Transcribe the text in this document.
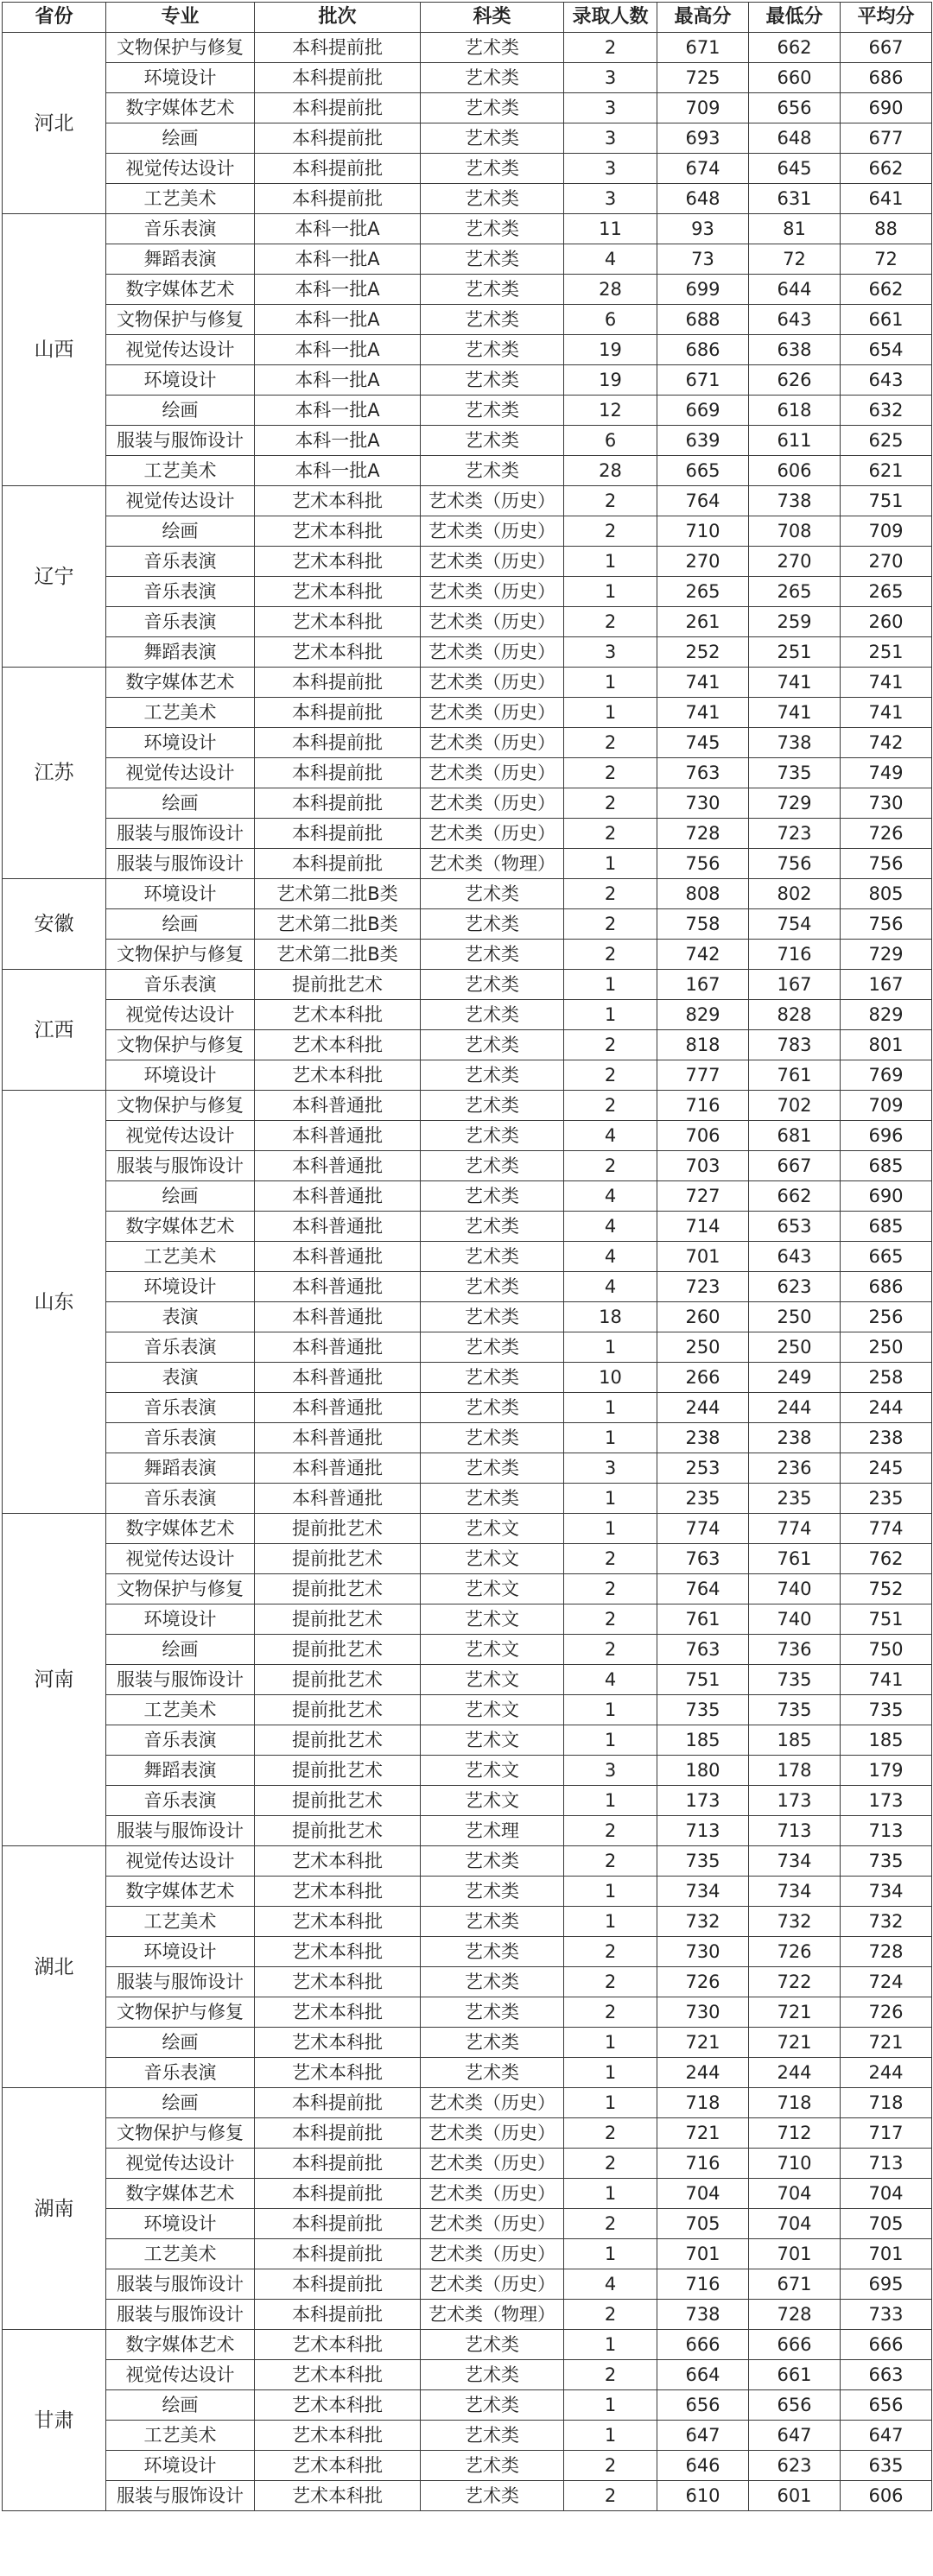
省份	专业	批次	科类	录取人数	最高分	最低分	平均分
河北	文物保护与修复	本科提前批	艺术类	2	671	662	667
	环境设计	本科提前批	艺术类	3	725	660	686
	数字媒体艺术	本科提前批	艺术类	3	709	656	690
	绘画	本科提前批	艺术类	3	693	648	677
	视觉传达设计	本科提前批	艺术类	3	674	645	662
	工艺美术	本科提前批	艺术类	3	648	631	641
山西	音乐表演	本科一批A	艺术类	11	93	81	88
	舞蹈表演	本科一批A	艺术类	4	73	72	72
	数字媒体艺术	本科一批A	艺术类	28	699	644	662
	文物保护与修复	本科一批A	艺术类	6	688	643	661
	视觉传达设计	本科一批A	艺术类	19	686	638	654
	环境设计	本科一批A	艺术类	19	671	626	643
	绘画	本科一批A	艺术类	12	669	618	632
	服装与服饰设计	本科一批A	艺术类	6	639	611	625
	工艺美术	本科一批A	艺术类	28	665	606	621
辽宁	视觉传达设计	艺术本科批	艺术类（历史）	2	764	738	751
	绘画	艺术本科批	艺术类（历史）	2	710	708	709
	音乐表演	艺术本科批	艺术类（历史）	1	270	270	270
	音乐表演	艺术本科批	艺术类（历史）	1	265	265	265
	音乐表演	艺术本科批	艺术类（历史）	2	261	259	260
	舞蹈表演	艺术本科批	艺术类（历史）	3	252	251	251
江苏	数字媒体艺术	本科提前批	艺术类（历史）	1	741	741	741
	工艺美术	本科提前批	艺术类（历史）	1	741	741	741
	环境设计	本科提前批	艺术类（历史）	2	745	738	742
	视觉传达设计	本科提前批	艺术类（历史）	2	763	735	749
	绘画	本科提前批	艺术类（历史）	2	730	729	730
	服装与服饰设计	本科提前批	艺术类（历史）	2	728	723	726
	服装与服饰设计	本科提前批	艺术类（物理）	1	756	756	756
安徽	环境设计	艺术第二批B类	艺术类	2	808	802	805
	绘画	艺术第二批B类	艺术类	2	758	754	756
	文物保护与修复	艺术第二批B类	艺术类	2	742	716	729
江西	音乐表演	提前批艺术	艺术类	1	167	167	167
	视觉传达设计	艺术本科批	艺术类	1	829	828	829
	文物保护与修复	艺术本科批	艺术类	2	818	783	801
	环境设计	艺术本科批	艺术类	2	777	761	769
山东	文物保护与修复	本科普通批	艺术类	2	716	702	709
	视觉传达设计	本科普通批	艺术类	4	706	681	696
	服装与服饰设计	本科普通批	艺术类	2	703	667	685
	绘画	本科普通批	艺术类	4	727	662	690
	数字媒体艺术	本科普通批	艺术类	4	714	653	685
	工艺美术	本科普通批	艺术类	4	701	643	665
	环境设计	本科普通批	艺术类	4	723	623	686
	表演	本科普通批	艺术类	18	260	250	256
	音乐表演	本科普通批	艺术类	1	250	250	250
	表演	本科普通批	艺术类	10	266	249	258
	音乐表演	本科普通批	艺术类	1	244	244	244
	音乐表演	本科普通批	艺术类	1	238	238	238
	舞蹈表演	本科普通批	艺术类	3	253	236	245
	音乐表演	本科普通批	艺术类	1	235	235	235
河南	数字媒体艺术	提前批艺术	艺术文	1	774	774	774
	视觉传达设计	提前批艺术	艺术文	2	763	761	762
	文物保护与修复	提前批艺术	艺术文	2	764	740	752
	环境设计	提前批艺术	艺术文	2	761	740	751
	绘画	提前批艺术	艺术文	2	763	736	750
	服装与服饰设计	提前批艺术	艺术文	4	751	735	741
	工艺美术	提前批艺术	艺术文	1	735	735	735
	音乐表演	提前批艺术	艺术文	1	185	185	185
	舞蹈表演	提前批艺术	艺术文	3	180	178	179
	音乐表演	提前批艺术	艺术文	1	173	173	173
	服装与服饰设计	提前批艺术	艺术理	2	713	713	713
湖北	视觉传达设计	艺术本科批	艺术类	2	735	734	735
	数字媒体艺术	艺术本科批	艺术类	1	734	734	734
	工艺美术	艺术本科批	艺术类	1	732	732	732
	环境设计	艺术本科批	艺术类	2	730	726	728
	服装与服饰设计	艺术本科批	艺术类	2	726	722	724
	文物保护与修复	艺术本科批	艺术类	2	730	721	726
	绘画	艺术本科批	艺术类	1	721	721	721
	音乐表演	艺术本科批	艺术类	1	244	244	244
湖南	绘画	本科提前批	艺术类（历史）	1	718	718	718
	文物保护与修复	本科提前批	艺术类（历史）	2	721	712	717
	视觉传达设计	本科提前批	艺术类（历史）	2	716	710	713
	数字媒体艺术	本科提前批	艺术类（历史）	1	704	704	704
	环境设计	本科提前批	艺术类（历史）	2	705	704	705
	工艺美术	本科提前批	艺术类（历史）	1	701	701	701
	服装与服饰设计	本科提前批	艺术类（历史）	4	716	671	695
	服装与服饰设计	本科提前批	艺术类（物理）	2	738	728	733
甘肃	数字媒体艺术	艺术本科批	艺术类	1	666	666	666
	视觉传达设计	艺术本科批	艺术类	2	664	661	663
	绘画	艺术本科批	艺术类	1	656	656	656
	工艺美术	艺术本科批	艺术类	1	647	647	647
	环境设计	艺术本科批	艺术类	2	646	623	635
	服装与服饰设计	艺术本科批	艺术类	2	610	601	606
